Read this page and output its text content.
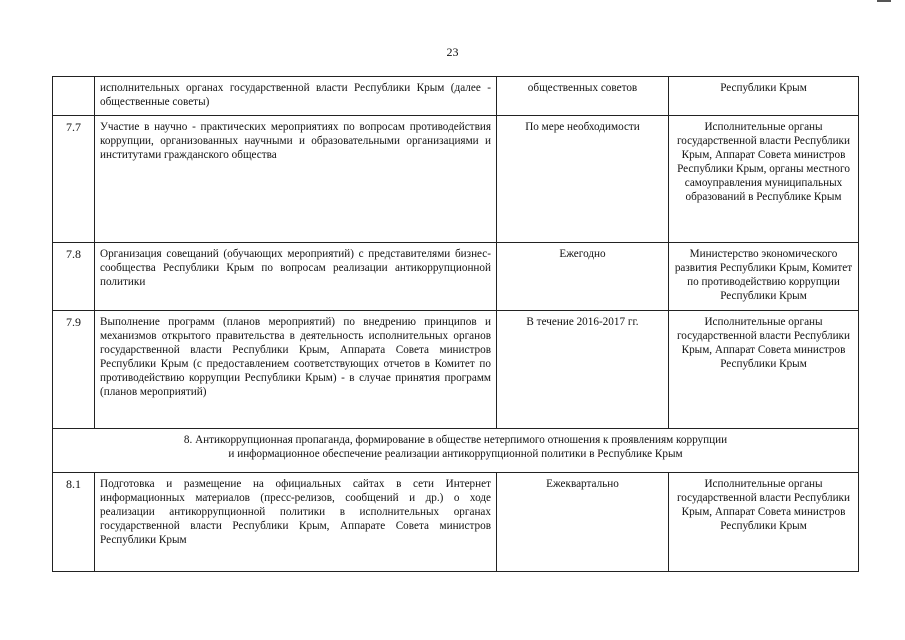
23
	исполнительных органах государственной власти Республики Крым (далее - общественные советы)	общественных советов	Республики Крым
7.7	Участие в научно - практических мероприятиях по вопросам противодействия коррупции, организованных научными и образовательными организациями и институтами гражданского общества	По мере необходимости	Исполнительные органы государственной власти Республики Крым, Аппарат Совета министров Республики Крым, органы местного самоуправления муниципальных образований в Республике Крым
7.8	Организация совещаний (обучающих мероприятий) с представителями бизнес-сообщества Республики Крым по вопросам реализации антикоррупционной политики	Ежегодно	Министерство экономического развития Республики Крым, Комитет по противодействию коррупции Республики Крым
7.9	Выполнение программ (планов мероприятий) по внедрению принципов и механизмов открытого правительства в деятельность исполнительных органов государственной власти Республики Крым, Аппарата Совета министров Республики Крым (с предоставлением соответствующих отчетов в Комитет по противодействию коррупции Республики Крым) - в случае принятия программ (планов мероприятий)	В течение 2016-2017 гг.	Исполнительные органы государственной власти Республики Крым, Аппарат Совета министров Республики Крым

8. Антикоррупционная пропаганда, формирование в обществе нетерпимого отношения к проявлениям коррупции
и информационное обеспечение реализации антикоррупционной политики в Республике Крым			

8.1	Подготовка и размещение на официальных сайтах в сети Интернет информационных материалов (пресс-релизов, сообщений и др.) о ходе реализации антикоррупционной политики в исполнительных органах государственной власти Республики Крым, Аппарате Совета министров Республики Крым	Ежеквартально	Исполнительные органы государственной власти Республики Крым, Аппарат Совета министров Республики Крым
